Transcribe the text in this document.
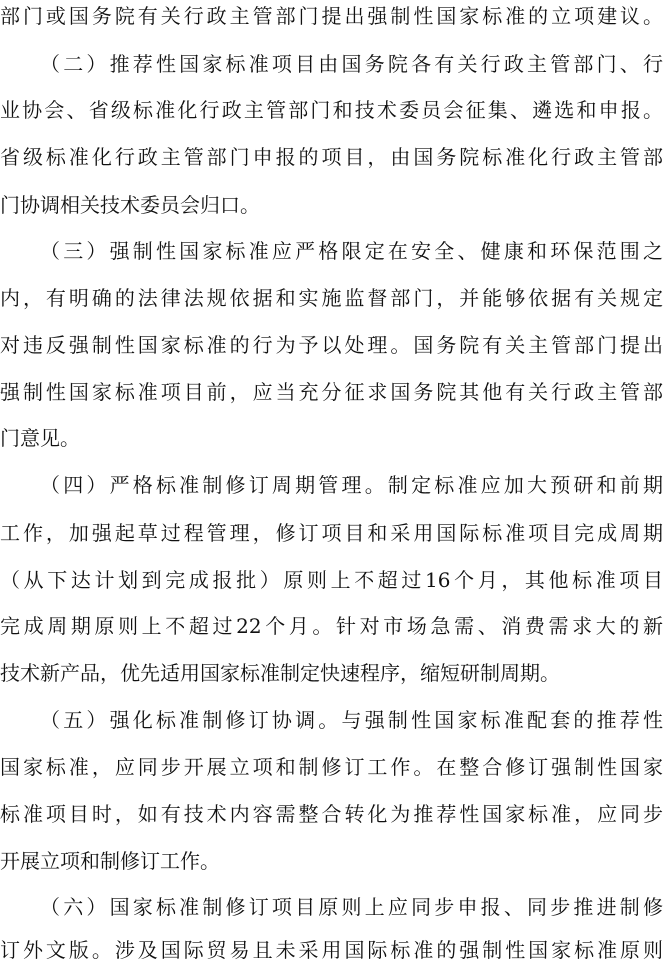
部门或国务院有关行政主管部门提出强制性国家标准的立项建议。
（二）推荐性国家标准项目由国务院各有关行政主管部门、行
业协会、省级标准化行政主管部门和技术委员会征集、遴选和申报。
省级标准化行政主管部门申报的项目，由国务院标准化行政主管部
门协调相关技术委员会归口。
（三）强制性国家标准应严格限定在安全、健康和环保范围之
内，有明确的法律法规依据和实施监督部门，并能够依据有关规定
对违反强制性国家标准的行为予以处理。国务院有关主管部门提出
强制性国家标准项目前，应当充分征求国务院其他有关行政主管部
门意见。
（四）严格标准制修订周期管理。制定标准应加大预研和前期
工作，加强起草过程管理，修订项目和采用国际标准项目完成周期
（从下达计划到完成报批）原则上不超过16个月，其他标准项目
完成周期原则上不超过22个月。针对市场急需、消费需求大的新
技术新产品，优先适用国家标准制定快速程序，缩短研制周期。
（五）强化标准制修订协调。与强制性国家标准配套的推荐性
国家标准，应同步开展立项和制修订工作。在整合修订强制性国家
标准项目时，如有技术内容需整合转化为推荐性国家标准，应同步
开展立项和制修订工作。
（六）国家标准制修订项目原则上应同步申报、同步推进制修
订外文版。涉及国际贸易且未采用国际标准的强制性国家标准原则
